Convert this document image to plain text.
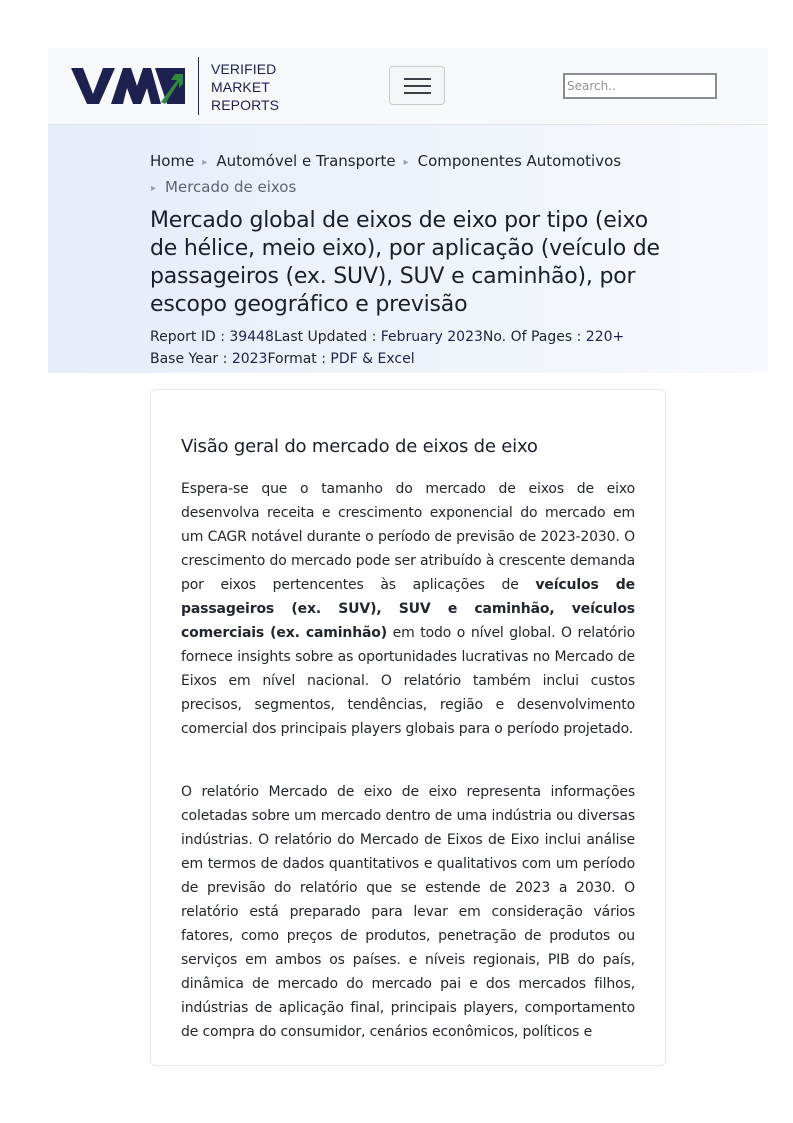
VERIFIED
MARKET
REPORTS
Search..
Home ▸ Automóvel e Transporte ▸ Componentes Automotivos
▸ Mercado de eixos
Mercado global de eixos de eixo por tipo (eixo de hélice, meio eixo), por aplicação (veículo de passageiros (ex. SUV), SUV e caminhão), por escopo geográfico e previsão
Report ID : 39448Last Updated : February 2023No. Of Pages : 220+
Base Year : 2023Format : PDF & Excel
Visão geral do mercado de eixos de eixo

Espera-se que o tamanho do mercado de eixos de eixo desenvolva receita e crescimento exponencial do mercado em um CAGR notável durante o período de previsão de 2023-2030. O crescimento do mercado pode ser atribuído à crescente demanda por eixos pertencentes às aplicações de veículos de passageiros (ex. SUV), SUV e caminhão, veículos comerciais (ex. caminhão) em todo o nível global. O relatório fornece insights sobre as oportunidades lucrativas no Mercado de Eixos em nível nacional. O relatório também inclui custos precisos, segmentos, tendências, região e desenvolvimento comercial dos principais players globais para o período projetado.

O relatório Mercado de eixo de eixo representa informações coletadas sobre um mercado dentro de uma indústria ou diversas indústrias. O relatório do Mercado de Eixos de Eixo inclui análise em termos de dados quantitativos e qualitativos com um período de previsão do relatório que se estende de 2023 a 2030. O relatório está preparado para levar em consideração vários fatores, como preços de produtos, penetração de produtos ou serviços em ambos os países. e níveis regionais, PIB do país, dinâmica de mercado do mercado pai e dos mercados filhos, indústrias de aplicação final, principais players, comportamento de compra do consumidor, cenários econômicos, políticos e
